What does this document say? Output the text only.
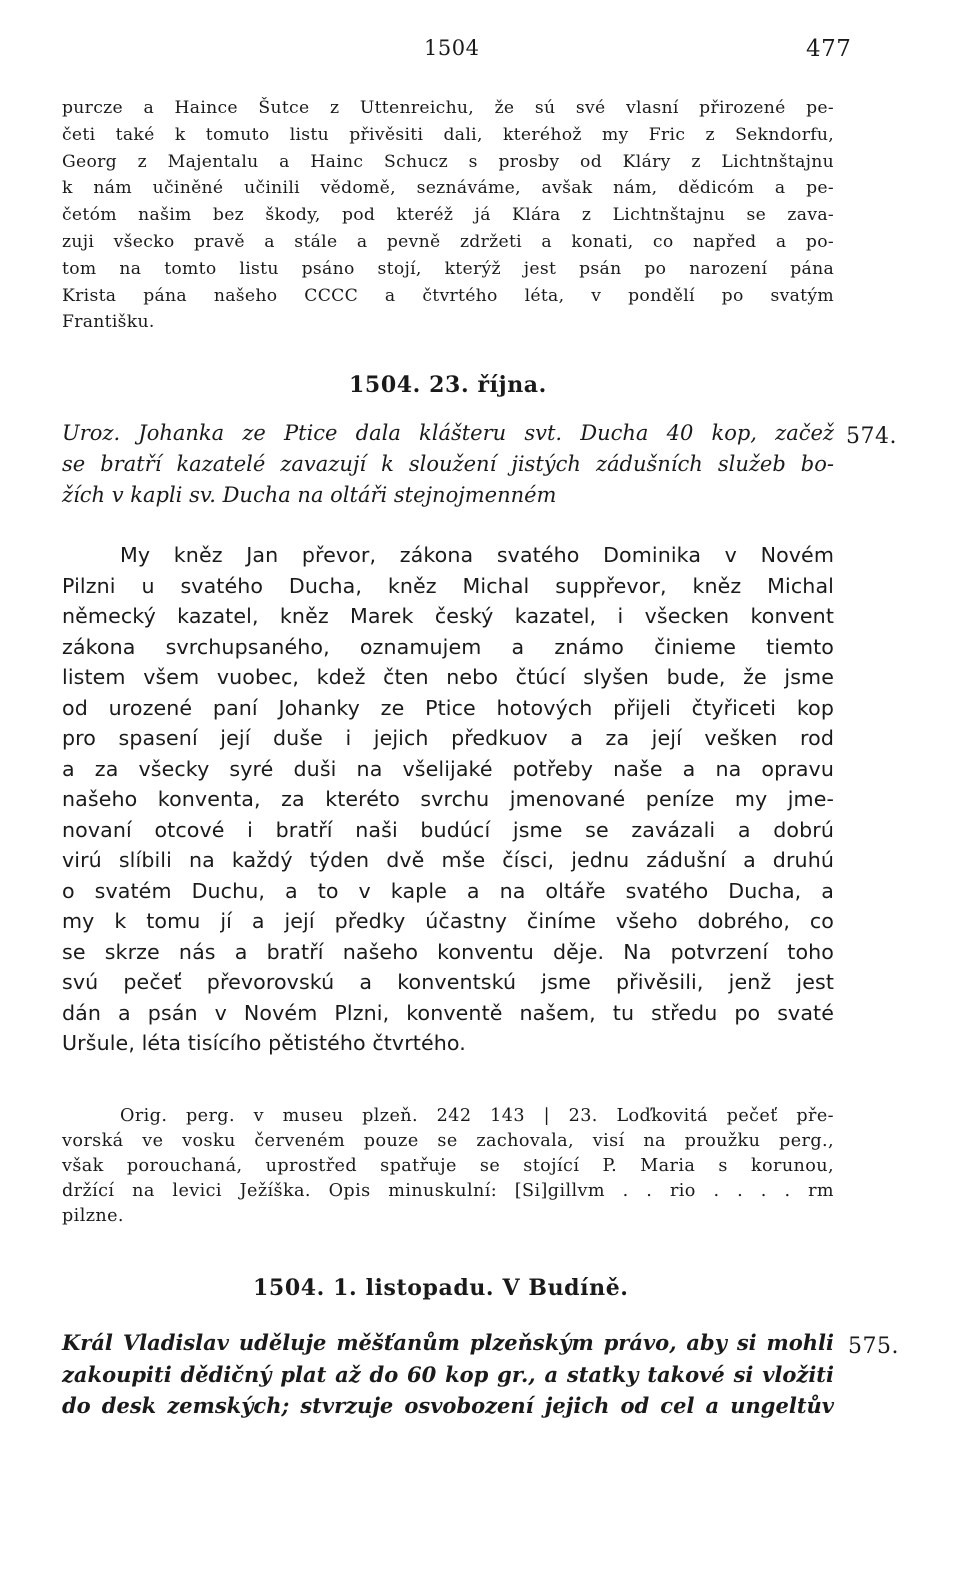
1504	477
purcze a Haince Šutce z Uttenreichu, že sú své vlasní přirozené pe-
četi také k tomuto listu přivěsiti dali, kteréhož my Fric z Sekndorfu,
Georg z Majentalu a Hainc Schucz s prosby od Kláry z Lichtnštajnu
k nám učiněné učinili vědomě, seznáváme, avšak nám, dědicóm a pe-
četóm našim bez škody, pod kteréž já Klára z Lichtnštajnu se zava-
zuji všecko pravě a stále a pevně zdržeti a konati, co napřed a po-
tom na tomto listu psáno stojí, kterýž jest psán po narození pána
Krista pána našeho CCCC a čtvrtého léta, v pondělí po svatým
Františku.
1504. 23. října.
Uroz. Johanka ze Ptice dala klášteru svt. Ducha 40 kop, začež
se bratří kazatelé zavazují k sloužení jistých zádušních služeb bo-
žích v kapli sv. Ducha na oltáři stejnojmenném
574.
My kněz Jan převor, zákona svatého Dominika v Novém
Pilzni u svatého Ducha, kněz Michal suppřevor, kněz Michal
německý kazatel, kněz Marek český kazatel, i všecken konvent
zákona svrchupsaného, oznamujem a známo činieme tiemto
listem všem vuobec, kdež čten nebo čtúcí slyšen bude, že jsme
od urozené paní Johanky ze Ptice hotových přijeli čtyřiceti kop
pro spasení její duše i jejich předkuov a za její vešken rod
a za všecky syré duši na všelijaké potřeby naše a na opravu
našeho konventa, za kteréto svrchu jmenované peníze my jme-
novaní otcové i bratří naši budúcí jsme se zavázali a dobrú
virú slíbili na každý týden dvě mše čísci, jednu zádušní a druhú
o svatém Duchu, a to v kaple a na oltáře svatého Ducha, a
my k tomu jí a její předky účastny činíme všeho dobrého, co
se skrze nás a bratří našeho konventu děje. Na potvrzení toho
svú pečeť převorovskú a konventskú jsme přivěsili, jenž jest
dán a psán v Novém Plzni, konventě našem, tu středu po svaté
Uršule, léta tisícího pětistého čtvrtého.
Orig. perg. v museu plzeň. 242 143 | 23. Loďkovitá pečeť pře-
vorská ve vosku červeném pouze se zachovala, visí na proužku perg.,
však porouchaná, uprostřed spatřuje se stojící P. Maria s korunou,
držící na levici Ježíška. Opis minuskulní: [Si]gillvm . . rio . . . . rm
pilzne.
1504. 1. listopadu. V Budíně.
Král Vladislav uděluje měšťanům plzeňským právo, aby si mohli
zakoupiti dědičný plat až do 60 kop gr., a statky takové si vložiti
do desk zemských; stvrzuje osvobození jejich od cel a ungeltův
575.
